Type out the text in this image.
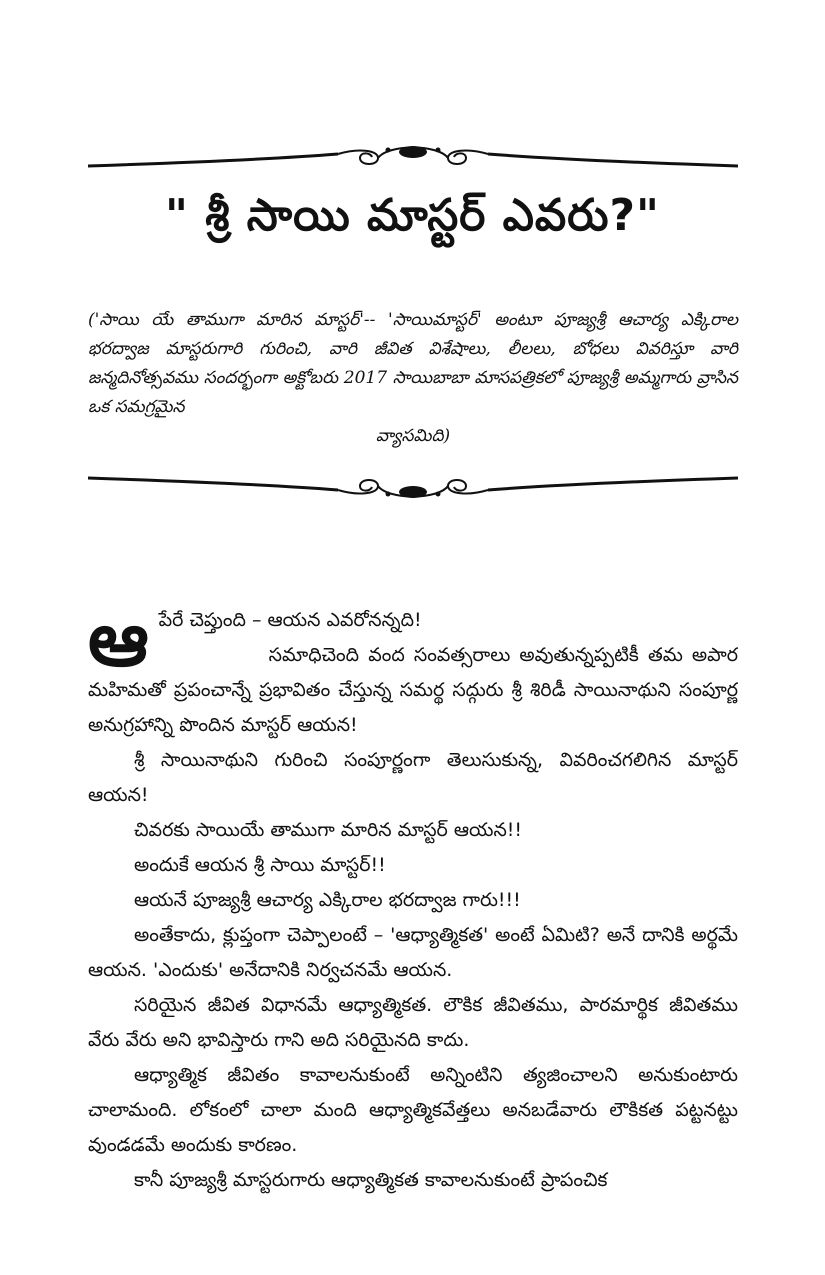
" శ్రీ సాయి మాస్టర్ ఎవరు?"
('సాయి యే తాముగా మారిన మాస్టర్'-- 'సాయిమాస్టర్' అంటూ పూజ్యశ్రీ ఆచార్య ఎక్కిరాల భరద్వాజ మాస్టరుగారి గురించి, వారి జీవిత విశేషాలు, లీలలు, బోధలు వివరిస్తూ వారి జన్మదినోత్సవము సందర్భంగా అక్టోబరు 2017 సాయిబాబా మాసపత్రికలో పూజ్యశ్రీ అమ్మగారు వ్రాసిన ఒక సమగ్రమైన
వ్యాసమిది)

ఆ పేరే చెప్తుంది – ఆయన ఎవరోనన్నది!

సమాధిచెంది వంద సంవత్సరాలు అవుతున్నప్పటికీ తమ అపార మహిమతో ప్రపంచాన్నే ప్రభావితం చేస్తున్న సమర్థ సద్గురు శ్రీ శిరిడీ సాయినాథుని సంపూర్ణ అనుగ్రహాన్ని పొందిన మాస్టర్ ఆయన!

శ్రీ సాయినాథుని గురించి సంపూర్ణంగా తెలుసుకున్న, వివరించగలిగిన మాస్టర్ ఆయన!

చివరకు సాయియే తాముగా మారిన మాస్టర్ ఆయన!!

అందుకే ఆయన శ్రీ సాయి మాస్టర్!!

ఆయనే పూజ్యశ్రీ ఆచార్య ఎక్కిరాల భరద్వాజ గారు!!!

అంతేకాదు, క్లుప్తంగా చెప్పాలంటే – 'ఆధ్యాత్మికత' అంటే ఏమిటి? అనే దానికి అర్థమే ఆయన. 'ఎందుకు' అనేదానికి నిర్వచనమే ఆయన.

సరియైన జీవిత విధానమే ఆధ్యాత్మికత. లౌకిక జీవితము, పారమార్థిక జీవితము వేరు వేరు అని భావిస్తారు గాని అది సరియైనది కాదు.

ఆధ్యాత్మిక జీవితం కావాలనుకుంటే అన్నింటిని త్యజించాలని అనుకుంటారు చాలామంది. లోకంలో చాలా మంది ఆధ్యాత్మికవేత్తలు అనబడేవారు లౌకికత పట్టనట్టు వుండడమే అందుకు కారణం.

కానీ పూజ్యశ్రీ మాస్టరుగారు ఆధ్యాత్మికత కావాలనుకుంటే ప్రాపంచిక
